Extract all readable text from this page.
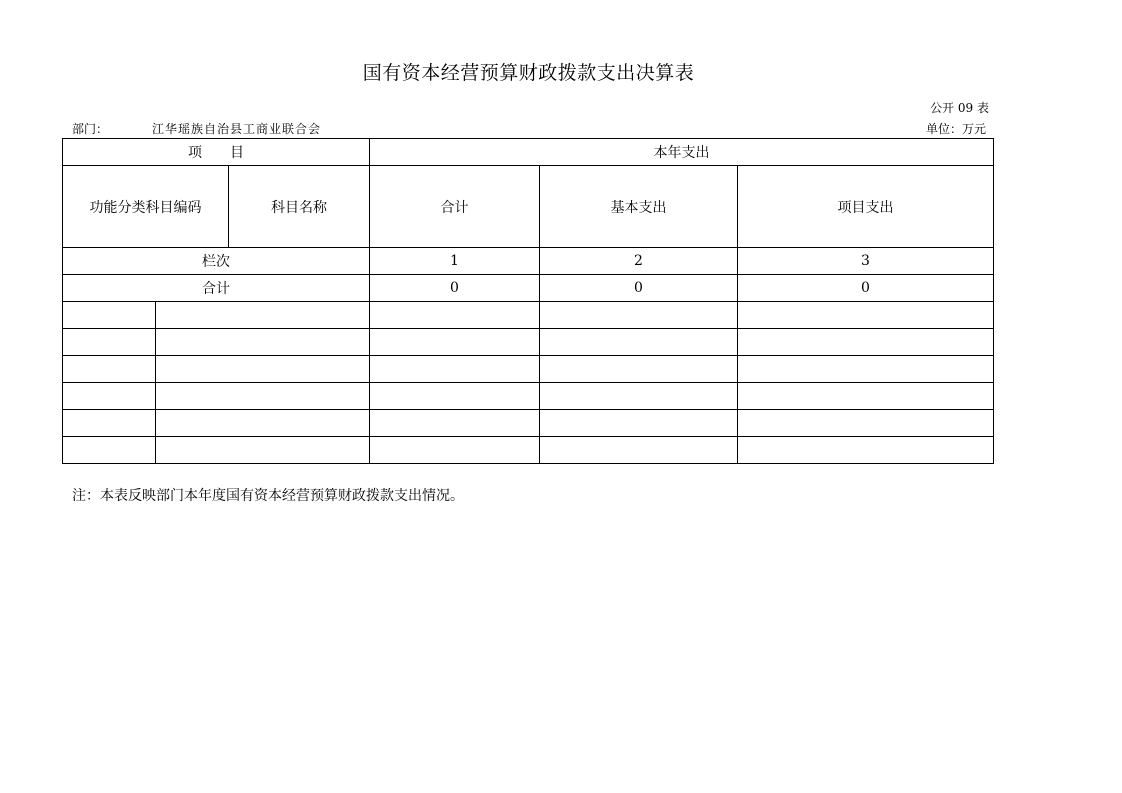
国有资本经营预算财政拨款支出决算表
公开 09 表
部门：	江华瑶族自治县工商业联合会	单位：万元
项　　目			本年支出		
功能分类科目编码		科目名称	合计	基本支出	项目支出
栏次			1	2	3
合计			0	0	0

注：本表反映部门本年度国有资本经营预算财政拨款支出情况。
